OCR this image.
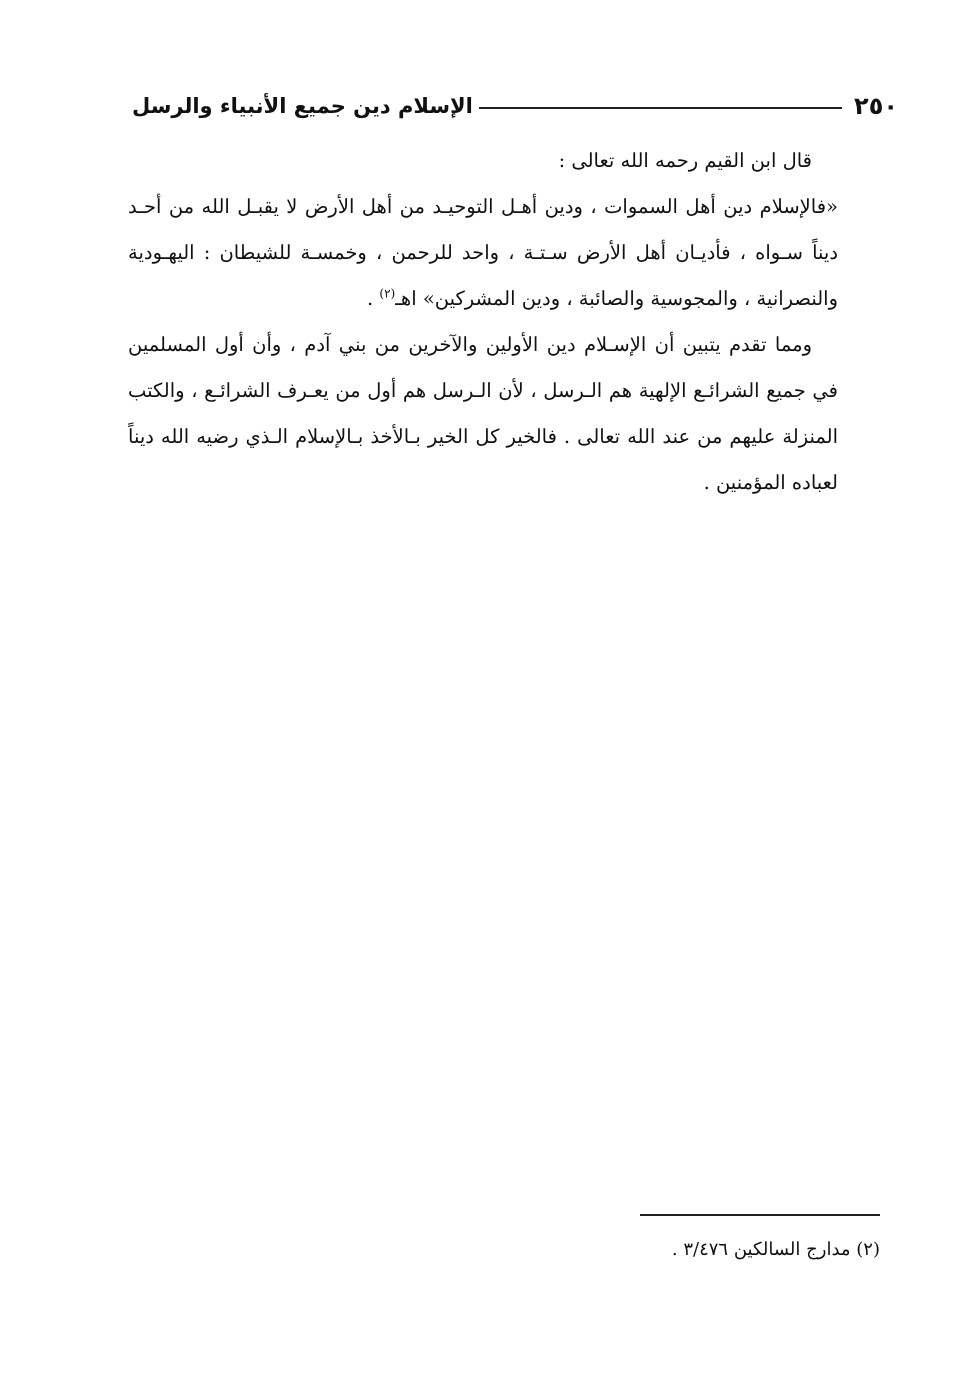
٢٥٠
الإسلام دين جميع الأنبياء والرسل

قال ابن القيم رحمه الله تعالى :

«فالإسلام دين أهل السموات ، ودين أهـل التوحيـد من أهل الأرض لا يقبـل الله من أحـد ديناً سـواه ، فأديـان أهل الأرض سـتـة ، واحد للرحمن ، وخمسـة للشيطان : اليهـودية والنصرانية ، والمجوسية والصائبة ، ودين المشركين» اهـ$^{(٢)}$ .

ومما تقدم يتبين أن الإسـلام دين الأولين والآخرين من بني آدم ، وأن أول المسلمين في جميع الشرائـع الإلهية هم الـرسل ، لأن الـرسل هم أول من يعـرف الشرائـع ، والكتب المنزلة عليهم من عند الله تعالى . فالخير كل الخير بـالأخذ بـالإسلام الـذي رضيه الله ديناً لعباده المؤمنين .

(٢) مدارج السالكين ٣/٤٧٦ .
